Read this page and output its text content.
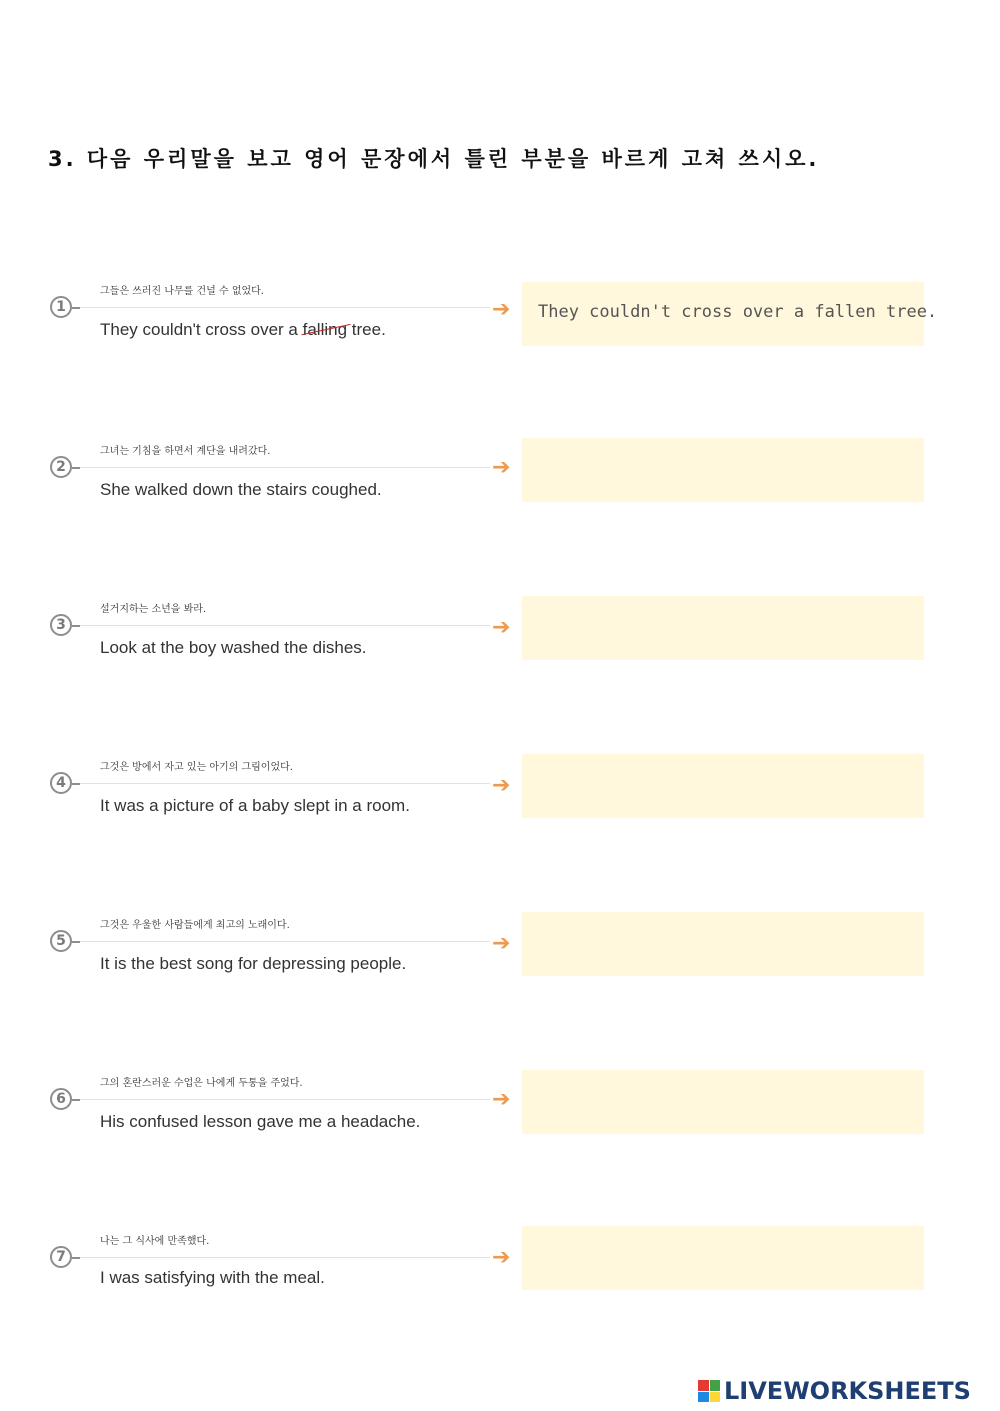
3. 다음 우리말을 보고 영어 문장에서 틀린 부분을 바르게 고쳐 쓰시오.
그들은 쓰러진 나무를 건널 수 없었다.
1
They couldn't cross over a falling tree.
➔	They couldn't cross over a fallen tree.
그녀는 기침을 하면서 계단을 내려갔다.
2
She walked down the stairs coughed.
➔
설거지하는 소년을 봐라.
3
Look at the boy washed the dishes.
➔
그것은 방에서 자고 있는 아기의 그림이었다.
4
It was a picture of a baby slept in a room.
➔
그것은 우울한 사람들에게 최고의 노래이다.
5
It is the best song for depressing people.
➔
그의 혼란스러운 수업은 나에게 두통을 주었다.
6
His confused lesson gave me a headache.
➔
나는 그 식사에 만족했다.
7
I was satisfying with the meal.
➔
LIVEWORKSHEETS
